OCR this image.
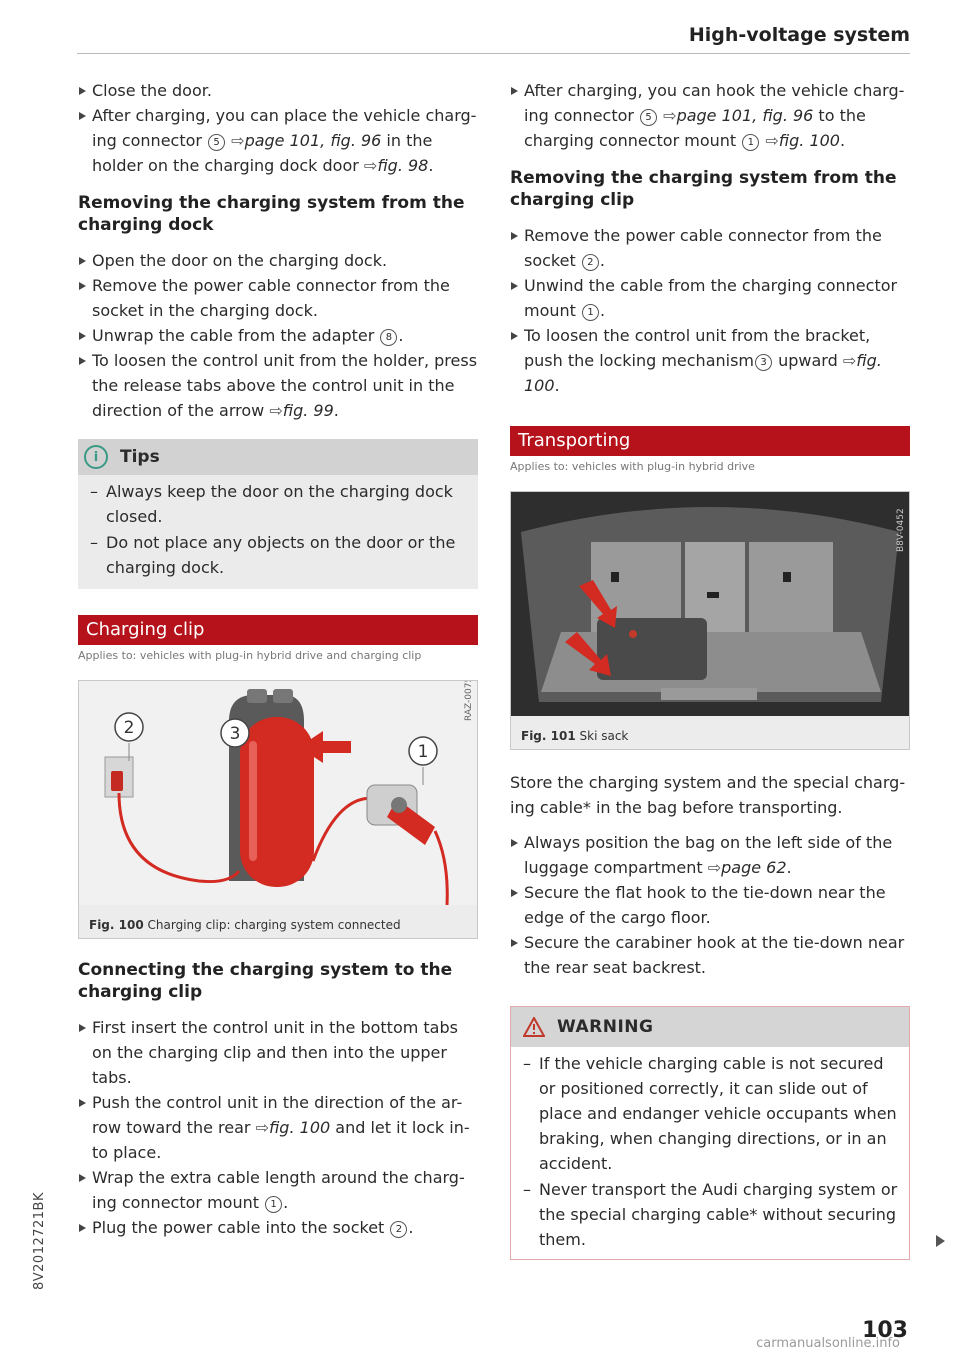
High-voltage system

Close the door.

After charging, you can place the vehicle charg-ing connector 5 ⇨page 101, fig. 96 in the holder on the charging dock door ⇨fig. 98.

Removing the charging system from the charging dock

Open the door on the charging dock.

Remove the power cable connector from the socket in the charging dock.

Unwrap the cable from the adapter 8 .

To loosen the control unit from the holder, press the release tabs above the control unit in the direction of the arrow ⇨fig. 99.

i	Tips
– Always keep the door on the charging dock closed.
– Do not place any objects on the door or the charging dock.
Charging clip
Applies to: vehicles with plug-in hybrid drive and charging clip
RAZ-0075
2	3
1
Fig. 100 Charging clip: charging system connected
Connecting the charging system to the charging clip

First insert the control unit in the bottom tabs on the charging clip and then into the upper tabs.

Push the control unit in the direction of the ar-row toward the rear ⇨fig. 100 and let it lock in-to place.

Wrap the extra cable length around the charg-ing connector mount 1 .

Plug the power cable into the socket 2 .

After charging, you can hook the vehicle charg-ing connector 5 ⇨page 101, fig. 96 to the charging connector mount 1 ⇨fig. 100.

Removing the charging system from the charging clip

Remove the power cable connector from the socket 2 .

Unwind the cable from the charging connector mount 1 .

To loosen the control unit from the bracket, push the locking mechanism 3 upward ⇨fig. 100.

Transporting
Applies to: vehicles with plug-in hybrid drive
B8V-0452
Fig. 101 Ski sack

Store the charging system and the special charg-ing cable* in the bag before transporting.

Always position the bag on the left side of the luggage compartment ⇨page 62.

Secure the flat hook to the tie-down near the edge of the cargo floor.

Secure the carabiner hook at the tie-down near the rear seat backrest.

WARNING
– If the vehicle charging cable is not secured or positioned correctly, it can slide out of place and endanger vehicle occupants when braking, when changing directions, or in an accident.
– Never transport the Audi charging system or the special charging cable* without securing them.
103
8V2012721BK
carmanualsonline.info
